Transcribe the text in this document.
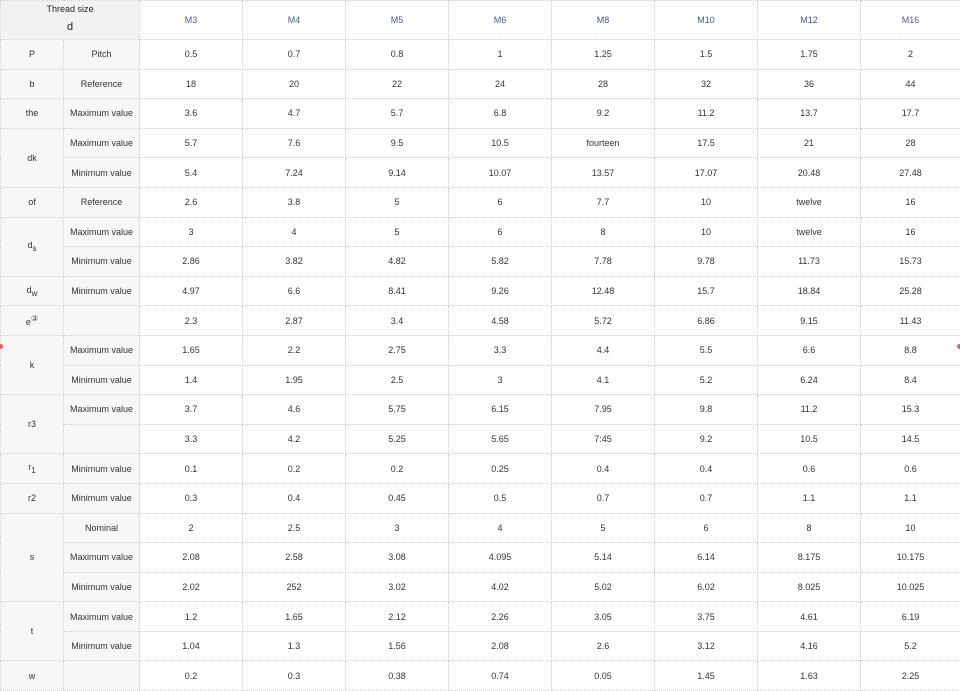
Thread size
d		M3	M4	M5	M6	M8	M10	M12	M16
P	Pitch	0.5	0.7	0.8	1	1.25	1.5	1.75	2
b	Reference	18	20	22	24	28	32	36	44
the	Maximum value	3.6	4.7	5.7	6.8	9.2	11.2	13.7	17.7
dk	Maximum value	5.7	7.6	9.5	10.5	fourteen	17.5	21	28
	Minimum value	5.4	7.24	9.14	10.07	13.57	17.07	20.48	27.48
of	Reference	2.6	3.8	5	6	7.7	10	twelve	16
ds	Maximum value	3	4	5	6	8	10	twelve	16
	Minimum value	2.86	3.82	4.82	5.82	7.78	9.78	11.73	15.73
dw	Minimum value	4.97	6.6	8.41	9.26	12.48	15.7	18.84	25.28
e③		2.3	2.87	3.4	4.58	5.72	6.86	9.15	11.43
k	Maximum value	1.65	2.2	2.75	3.3	4.4	5.5	6.6	8.8
	Minimum value	1.4	1.95	2.5	3	4.1	5.2	6.24	8.4
r3	Maximum value	3.7	4.6	5.75	6.15	7.95	9.8	11.2	15.3
		3.3	4.2	5.25	5.65	7:45	9.2	10.5	14.5
r1	Minimum value	0.1	0.2	0.2	0.25	0.4	0.4	0.6	0.6
r2	Minimum value	0.3	0.4	0.45	0.5	0.7	0.7	1.1	1.1
s	Nominal	2	2.5	3	4	5	6	8	10
	Maximum value	2.08	2.58	3.08	4.095	5.14	6.14	8.175	10.175
	Minimum value	2.02	252	3.02	4.02	5.02	6.02	8.025	10.025
t	Maximum value	1.2	1.65	2.12	2.26	3.05	3.75	4.61	6.19
	Minimum value	1.04	1.3	1.56	2.08	2.6	3.12	4.16	5.2
w		0.2	0.3	0.38	0.74	0.05	1.45	1.63	2.25
